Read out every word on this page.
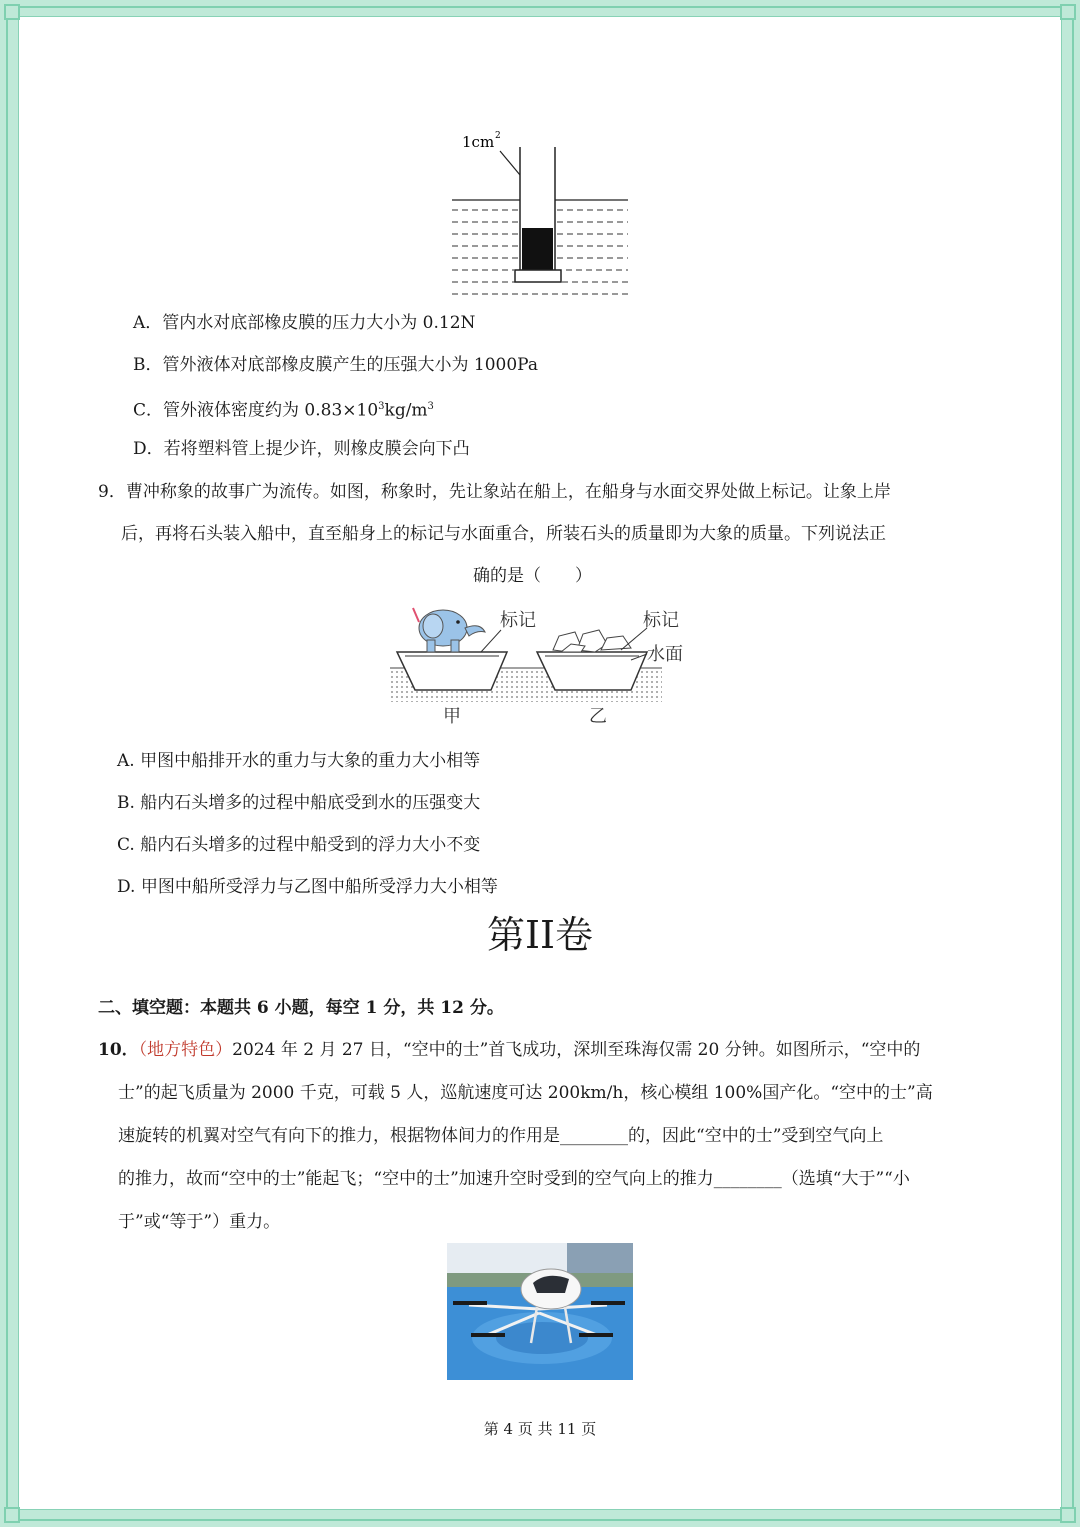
1cm 2
A．管内水对底部橡皮膜的压力大小为 0.12N
B．管外液体对底部橡皮膜产生的压强大小为 1000Pa
C．管外液体密度约为 $0.83\times 10^3kg/m^3$
D．若将塑料管上提少许，则橡皮膜会向下凸
9．曹冲称象的故事广为流传。如图，称象时，先让象站在船上，在船身与水面交界处做上标记。让象上岸
后，再将石头装入船中，直至船身上的标记与水面重合，所装石头的质量即为大象的质量。下列说法正
确的是（　　）
标记	标记
水面
甲	乙
A. 甲图中船排开水的重力与大象的重力大小相等
B. 船内石头增多的过程中船底受到水的压强变大
C. 船内石头增多的过程中船受到的浮力大小不变
D. 甲图中船所受浮力与乙图中船所受浮力大小相等
第II卷
二、填空题：本题共 6 小题，每空 1 分，共 12 分。
10．（地方特色）2024 年 2 月 27 日，“空中的士”首飞成功，深圳至珠海仅需 20 分钟。如图所示，“空中的
士”的起飞质量为 2000 千克，可载 5 人，巡航速度可达 200km/h，核心模组 100%国产化。“空中的士”高
速旋转的机翼对空气有向下的推力，根据物体间力的作用是________的，因此“空中的士”受到空气向上
的推力，故而“空中的士”能起飞；“空中的士”加速升空时受到的空气向上的推力________（选填“大于”“小
于”或“等于”）重力。
第 4 页 共 11 页
